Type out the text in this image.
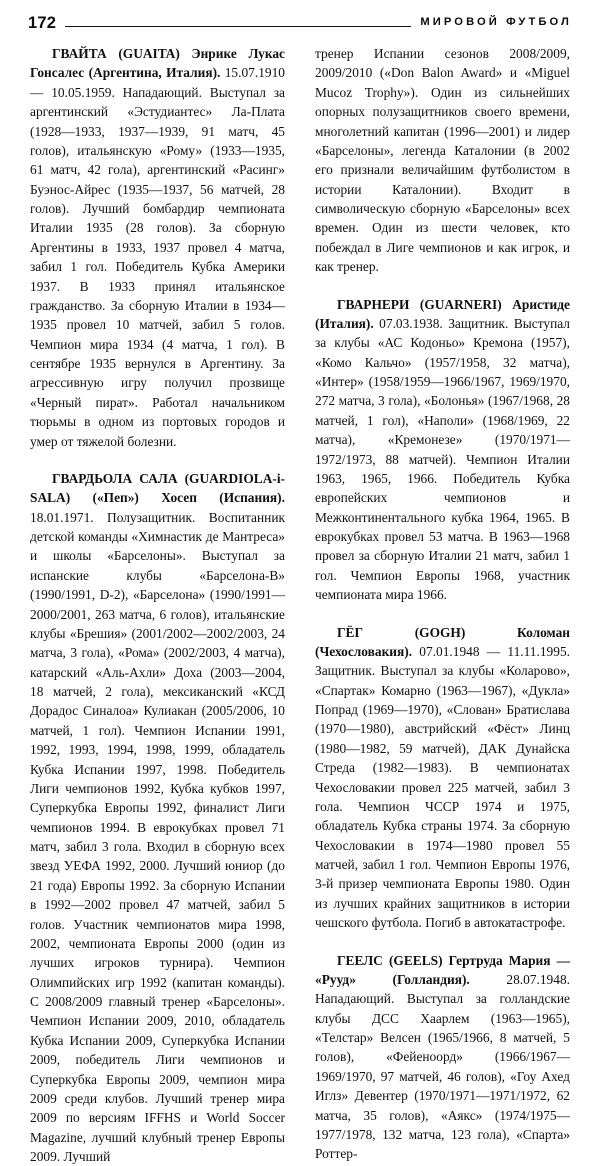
172	МИРОВОЙ ФУТБОЛ

ГВАЙТА (GUAITA) Энрике Лукас Гонсалес (Аргентина, Италия). 15.07.1910 — 10.05.1959. Нападающий. Выступал за аргентинский «Эстудиантес» Ла-Плата (1928—1933, 1937—1939, 91 матч, 45 голов), итальянскую «Рому» (1933—1935, 61 матч, 42 гола), аргентинский «Расинг» Буэнос-Айрес (1935—1937, 56 матчей, 28 голов). Лучший бомбардир чемпионата Италии 1935 (28 голов). За сборную Аргентины в 1933, 1937 провел 4 матча, забил 1 гол. Победитель Кубка Америки 1937. В 1933 принял итальянское гражданство. За сборную Италии в 1934—1935 провел 10 матчей, забил 5 голов. Чемпион мира 1934 (4 матча, 1 гол). В сентябре 1935 вернулся в Аргентину. За агрессивную игру получил прозвище «Черный пират». Работал начальником тюрьмы в одном из портовых городов и умер от тяжелой болезни.

ГВАРДЬОЛА САЛА (GUARDIOLA-i-SALA) («Пеп») Хосеп (Испания). 18.01.1971. Полузащитник. Воспитанник детской команды «Химнастик де Мантреса» и школы «Барселоны». Выступал за испанские клубы «Барселона-В» (1990/1991, D-2), «Барселона» (1990/1991—2000/2001, 263 матча, 6 голов), итальянские клубы «Брешия» (2001/2002—2002/2003, 24 матча, 3 гола), «Рома» (2002/2003, 4 матча), катарский «Аль-Ахли» Доха (2003—2004, 18 матчей, 2 гола), мексиканский «КСД Дорадос Синалоа» Кулиакан (2005/2006, 10 матчей, 1 гол). Чемпион Испании 1991, 1992, 1993, 1994, 1998, 1999, обладатель Кубка Испании 1997, 1998. Победитель Лиги чемпионов 1992, Кубка кубков 1997, Суперкубка Европы 1992, финалист Лиги чемпионов 1994. В еврокубках провел 71 матч, забил 3 гола. Входил в сборную всех звезд УЕФА 1992, 2000. Лучший юниор (до 21 года) Европы 1992. За сборную Испании в 1992—2002 провел 47 матчей, забил 5 голов. Участник чемпионатов мира 1998, 2002, чемпионата Европы 2000 (один из лучших игроков турнира). Чемпион Олимпийских игр 1992 (капитан команды). С 2008/2009 главный тренер «Барселоны». Чемпион Испании 2009, 2010, обладатель Кубка Испании 2009, Суперкубка Испании 2009, победитель Лиги чемпионов и Суперкубка Европы 2009, чемпион мира 2009 среди клубов. Лучший тренер мира 2009 по версиям IFFHS и World Soccer Magazine, лучший клубный тренер Европы 2009. Лучший

тренер Испании сезонов 2008/2009, 2009/2010 («Don Balon Award» и «Miguel Mucoz Trophy»). Один из сильнейших опорных полузащитников своего времени, многолетний капитан (1996—2001) и лидер «Барселоны», легенда Каталонии (в 2002 его признали величайшим футболистом в истории Каталонии). Входит в символическую сборную «Барселоны» всех времен. Один из шести человек, кто побеждал в Лиге чемпионов и как игрок, и как тренер.

ГВАРНЕРИ (GUARNERI) Аристиде (Италия). 07.03.1938. Защитник. Выступал за клубы «АС Кодоньо» Кремона (1957), «Комо Кальчо» (1957/1958, 32 матча), «Интер» (1958/1959—1966/1967, 1969/1970, 272 матча, 3 гола), «Болонья» (1967/1968, 28 матчей, 1 гол), «Наполи» (1968/1969, 22 матча), «Кремонезе» (1970/1971—1972/1973, 88 матчей). Чемпион Италии 1963, 1965, 1966. Победитель Кубка европейских чемпионов и Межконтинентального кубка 1964, 1965. В еврокубках провел 53 матча. В 1963—1968 провел за сборную Италии 21 матч, забил 1 гол. Чемпион Европы 1968, участник чемпионата мира 1966.

ГЁГ (GOGH) Коломан (Чехословакия). 07.01.1948 — 11.11.1995. Защитник. Выступал за клубы «Коларово», «Спартак» Комарно (1963—1967), «Дукла» Попрад (1969—1970), «Слован» Братислава (1970—1980), австрийский «Фёст» Линц (1980—1982, 59 матчей), ДАК Дунайска Стреда (1982—1983). В чемпионатах Чехословакии провел 225 матчей, забил 3 гола. Чемпион ЧССР 1974 и 1975, обладатель Кубка страны 1974. За сборную Чехословакии в 1974—1980 провел 55 матчей, забил 1 гол. Чемпион Европы 1976, 3-й призер чемпионата Европы 1980. Один из лучших крайних защитников в истории чешского футбола. Погиб в автокатастрофе.

ГЕЕЛС (GEELS) Гертруда Мария — «Рууд» (Голландия).	28.07.1948. Нападающий. Выступал за голландские клубы ДСС Хаарлем (1963—1965), «Телстар» Велсен (1965/1966, 8 матчей, 5 голов), «Фейеноорд» (1966/1967—1969/1970, 97 матчей, 46 голов), «Гоу Ахед Иглз» Девентер (1970/1971—1971/1972, 62 матча, 35 голов), «Аякс» (1974/1975—1977/1978, 132 матча, 123 гола), «Спарта» Роттер-
